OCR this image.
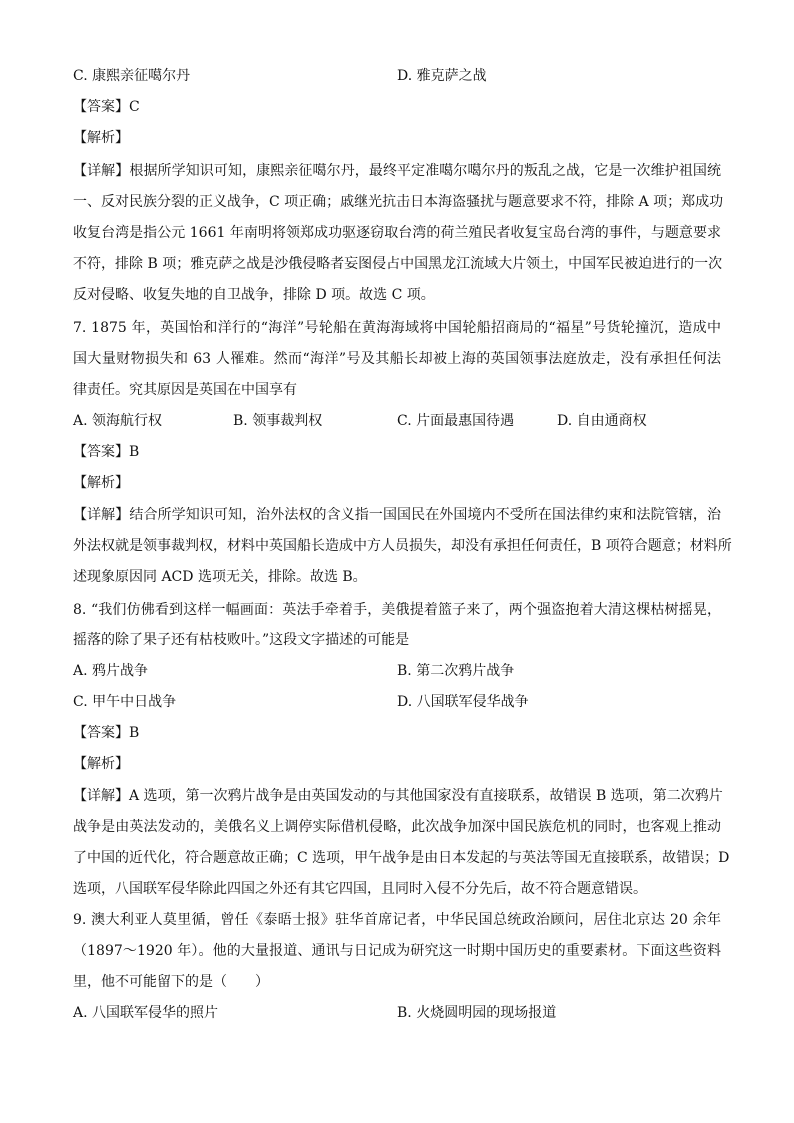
C. 康熙亲征噶尔丹	D. 雅克萨之战
【答案】C
【解析】
【详解】根据所学知识可知，康熙亲征噶尔丹，最终平定准噶尔噶尔丹的叛乱之战，它是一次维护祖国统
一、反对民族分裂的正义战争，C 项正确；戚继光抗击日本海盗骚扰与题意要求不符，排除 A 项；郑成功
收复台湾是指公元 1661 年南明将领郑成功驱逐窃取台湾的荷兰殖民者收复宝岛台湾的事件，与题意要求
不符，排除 B 项；雅克萨之战是沙俄侵略者妄图侵占中国黑龙江流域大片领土，中国军民被迫进行的一次
反对侵略、收复失地的自卫战争，排除 D 项。故选 C 项。
7. 1875 年，英国怡和洋行的“海洋”号轮船在黄海海域将中国轮船招商局的“福星”号货轮撞沉，造成中
国大量财物损失和 63 人罹难。然而“海洋”号及其船长却被上海的英国领事法庭放走，没有承担任何法
律责任。究其原因是英国在中国享有
A. 领海航行权	B. 领事裁判权	C. 片面最惠国待遇	D. 自由通商权
【答案】B
【解析】
【详解】结合所学知识可知，治外法权的含义指一国国民在外国境内不受所在国法律约束和法院管辖，治
外法权就是领事裁判权，材料中英国船长造成中方人员损失，却没有承担任何责任，B 项符合题意；材料所
述现象原因同 ACD 选项无关，排除。故选 B。
8. “我们仿佛看到这样一幅画面：英法手牵着手，美俄提着篮子来了，两个强盗抱着大清这棵枯树摇晃，
摇落的除了果子还有枯枝败叶。”这段文字描述的可能是
A. 鸦片战争	B. 第二次鸦片战争
C. 甲午中日战争	D. 八国联军侵华战争
【答案】B
【解析】
【详解】A 选项，第一次鸦片战争是由英国发动的与其他国家没有直接联系，故错误 B 选项，第二次鸦片
战争是由英法发动的，美俄名义上调停实际借机侵略，此次战争加深中国民族危机的同时，也客观上推动
了中国的近代化，符合题意故正确；C 选项，甲午战争是由日本发起的与英法等国无直接联系，故错误；D
选项，八国联军侵华除此四国之外还有其它四国，且同时入侵不分先后，故不符合题意错误。
9. 澳大利亚人莫里循，曾任《泰晤士报》驻华首席记者，中华民国总统政治顾问，居住北京达 20 余年
（1897～1920 年）。他的大量报道、通讯与日记成为研究这一时期中国历史的重要素材。下面这些资料
里，他不可能留下的是（　　）
A. 八国联军侵华的照片	B. 火烧圆明园的现场报道
